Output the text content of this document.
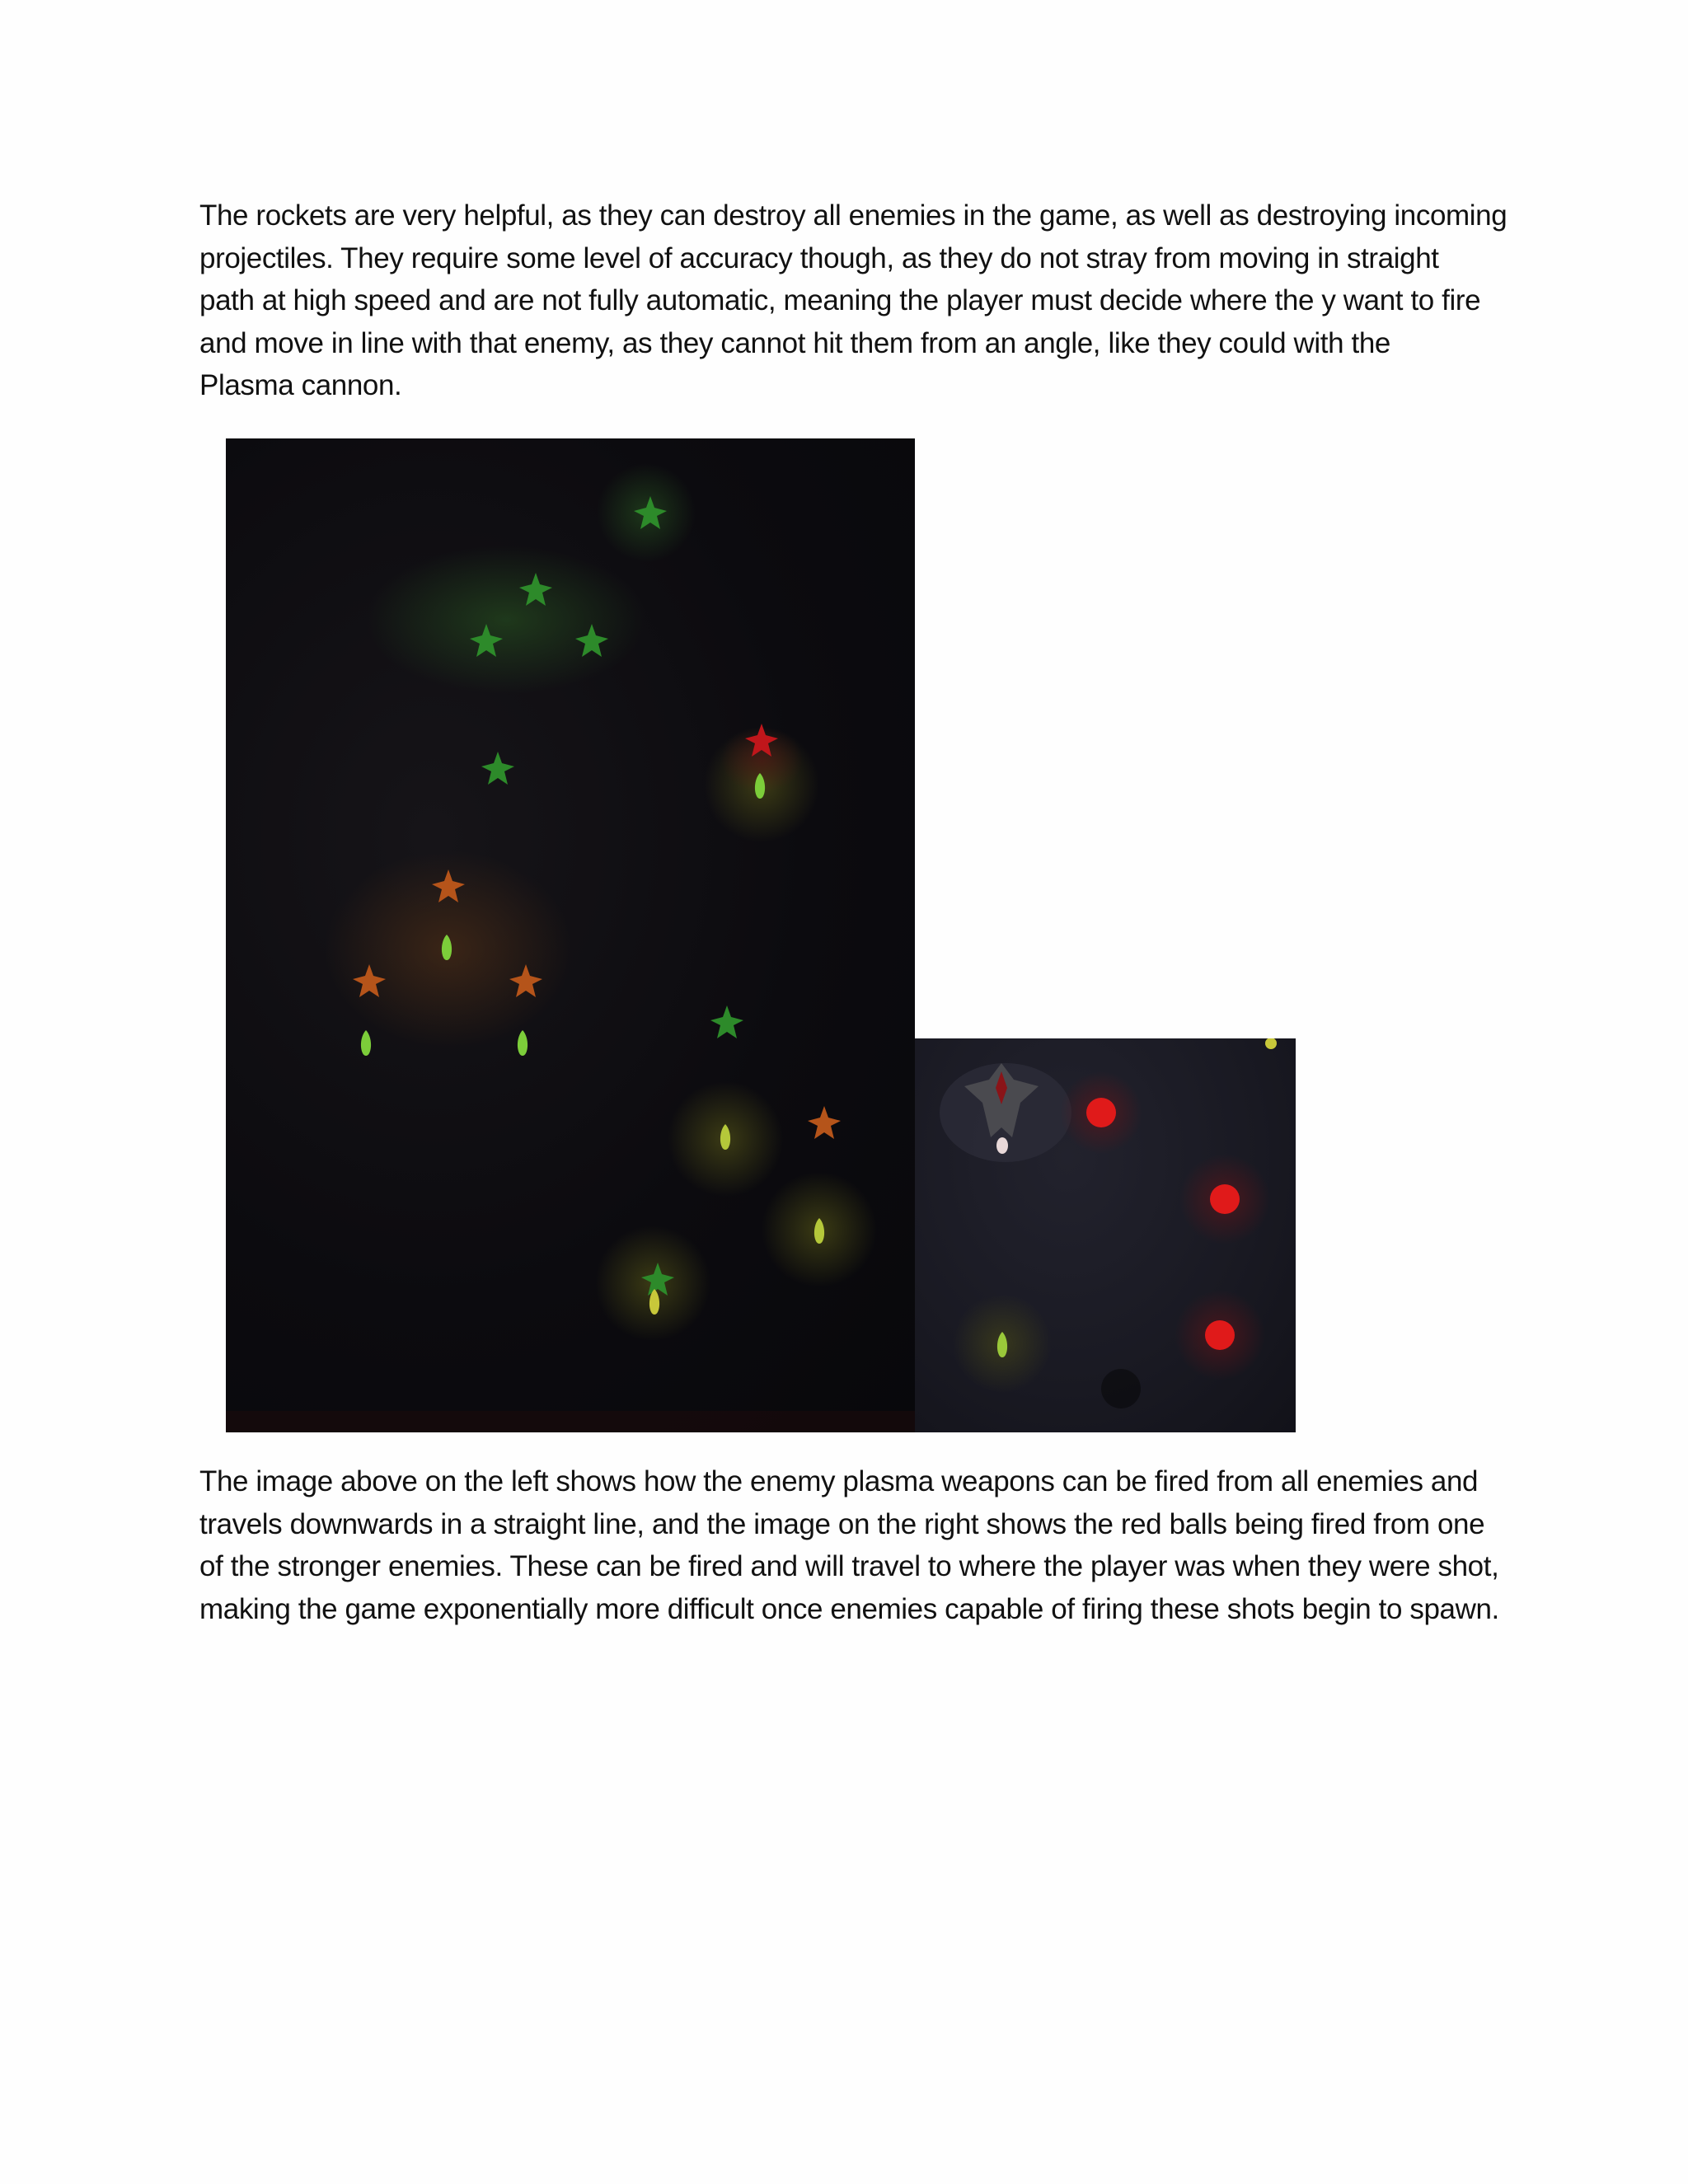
The rockets are very helpful, as they can destroy all enemies in the game, as well as destroying incoming
projectiles. They require some level of accuracy though, as they do not stray from moving in straight
path at high speed and are not fully automatic, meaning the player must decide where the y want to fire
and move in line with that enemy, as they cannot hit them from an angle, like they could with the
Plasma cannon.

The image above on the left shows how the enemy plasma weapons can be fired from all enemies and
travels downwards in a straight line, and the image on the right shows the red balls being fired from one
of the stronger enemies. These can be fired and will travel to where the player was when they were shot,
making the game exponentially more difficult once enemies capable of firing these shots begin to spawn.
